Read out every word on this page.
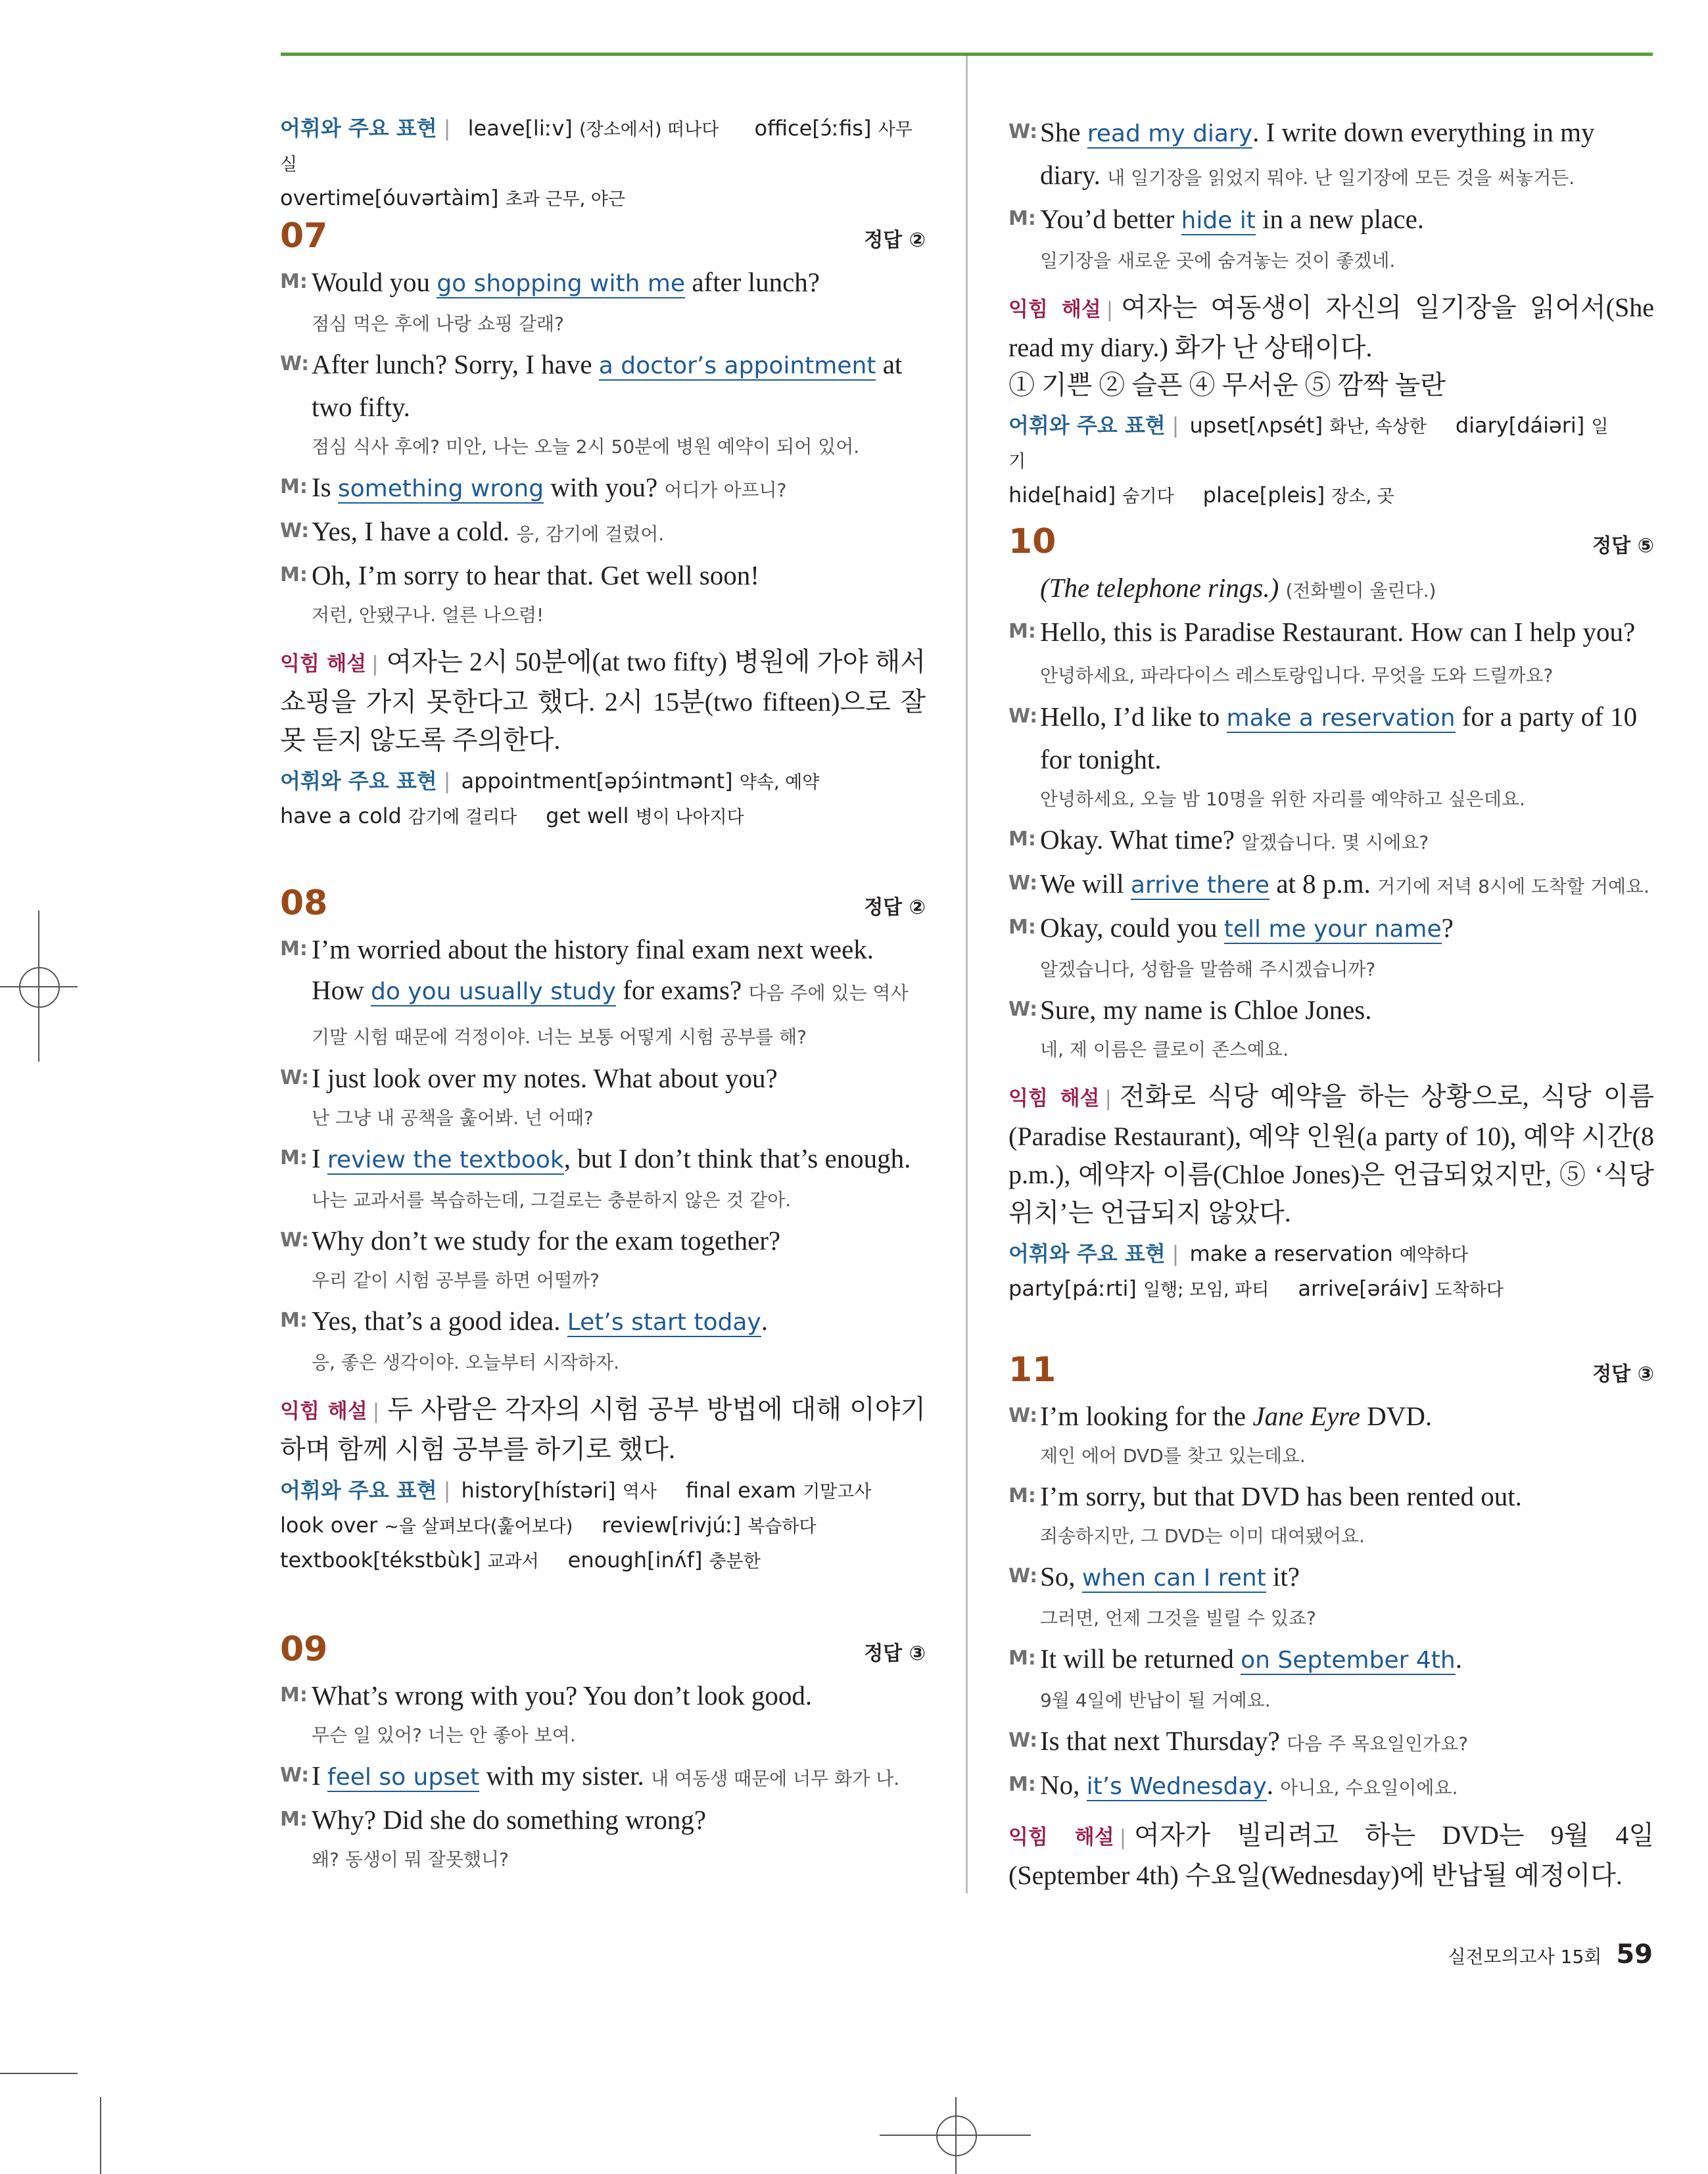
어휘와 주요 표현 | leave[liːv] (장소에서) 떠나다 office[ɔ́ːfis] 사무실
overtime[óuvərtàim] 초과 근무, 야근
07	정답 ②
M: Would you go shopping with me after lunch?
점심 먹은 후에 나랑 쇼핑 갈래?
W: After lunch? Sorry, I have a doctor’s appointment at two fifty.
점심 식사 후에? 미안, 나는 오늘 2시 50분에 병원 예약이 되어 있어.
M: Is something wrong with you? 어디가 아프니?
W: Yes, I have a cold. 응, 감기에 걸렸어.
M: Oh, I’m sorry to hear that. Get well soon!
저런, 안됐구나. 얼른 나으렴!
익힘 해설 | 여자는 2시 50분에(at two fifty) 병원에 가야 해서 쇼핑을 가지 못한다고 했다. 2시 15분(two fifteen)으로 잘못 듣지 않도록 주의한다.
어휘와 주요 표현 | appointment[əpɔ́intmənt] 약속, 예약
have a cold 감기에 걸리다 get well 병이 나아지다
08	정답 ②
M: I’m worried about the history final exam next week. How do you usually study for exams? 다음 주에 있는 역사 기말 시험 때문에 걱정이야. 너는 보통 어떻게 시험 공부를 해?
W: I just look over my notes. What about you?
난 그냥 내 공책을 훑어봐. 넌 어때?
M: I review the textbook, but I don’t think that’s enough.
나는 교과서를 복습하는데, 그걸로는 충분하지 않은 것 같아.
W: Why don’t we study for the exam together?
우리 같이 시험 공부를 하면 어떨까?
M: Yes, that’s a good idea. Let’s start today.
응, 좋은 생각이야. 오늘부터 시작하자.
익힘 해설 | 두 사람은 각자의 시험 공부 방법에 대해 이야기하며 함께 시험 공부를 하기로 했다.
어휘와 주요 표현 | history[hístəri] 역사 final exam 기말고사
look over ~을 살펴보다(훑어보다) review[rivjúː] 복습하다
textbook[tékstbùk] 교과서 enough[inʌ́f] 충분한
09	정답 ③
M: What’s wrong with you? You don’t look good.
무슨 일 있어? 너는 안 좋아 보여.
W: I feel so upset with my sister. 내 여동생 때문에 너무 화가 나.
M: Why? Did she do something wrong?
왜? 동생이 뭐 잘못했니?
W: She read my diary. I write down everything in my diary. 내 일기장을 읽었지 뭐야. 난 일기장에 모든 것을 써놓거든.
M: You’d better hide it in a new place.
일기장을 새로운 곳에 숨겨놓는 것이 좋겠네.
익힘 해설 | 여자는 여동생이 자신의 일기장을 읽어서(She read my diary.) 화가 난 상태이다.
① 기쁜 ② 슬픈 ④ 무서운 ⑤ 깜짝 놀란
어휘와 주요 표현 | upset[ʌpsét] 화난, 속상한 diary[dáiəri] 일기
hide[haid] 숨기다 place[pleis] 장소, 곳
10	정답 ⑤
(The telephone rings.) (전화벨이 울린다.)
M: Hello, this is Paradise Restaurant. How can I help you? 안녕하세요, 파라다이스 레스토랑입니다. 무엇을 도와 드릴까요?
W: Hello, I’d like to make a reservation for a party of 10 for tonight.
안녕하세요, 오늘 밤 10명을 위한 자리를 예약하고 싶은데요.
M: Okay. What time? 알겠습니다. 몇 시에요?
W: We will arrive there at 8 p.m. 거기에 저녁 8시에 도착할 거예요.
M: Okay, could you tell me your name?
알겠습니다, 성함을 말씀해 주시겠습니까?
W: Sure, my name is Chloe Jones.
네, 제 이름은 클로이 존스예요.
익힘 해설 | 전화로 식당 예약을 하는 상황으로, 식당 이름(Paradise Restaurant), 예약 인원(a party of 10), 예약 시간(8 p.m.), 예약자 이름(Chloe Jones)은 언급되었지만, ⑤ ‘식당 위치’는 언급되지 않았다.
어휘와 주요 표현 | make a reservation 예약하다
party[páːrti] 일행; 모임, 파티 arrive[əráiv] 도착하다
11	정답 ③
W: I’m looking for the Jane Eyre DVD.
제인 에어 DVD를 찾고 있는데요.
M: I’m sorry, but that DVD has been rented out.
죄송하지만, 그 DVD는 이미 대여됐어요.
W: So, when can I rent it?
그러면, 언제 그것을 빌릴 수 있죠?
M: It will be returned on September 4th.
9월 4일에 반납이 될 거예요.
W: Is that next Thursday? 다음 주 목요일인가요?
M: No, it’s Wednesday. 아니요, 수요일이에요.
익힘 해설 | 여자가 빌리려고 하는 DVD는 9월 4일(September 4th) 수요일(Wednesday)에 반납될 예정이다.
실전모의고사 15회 59
